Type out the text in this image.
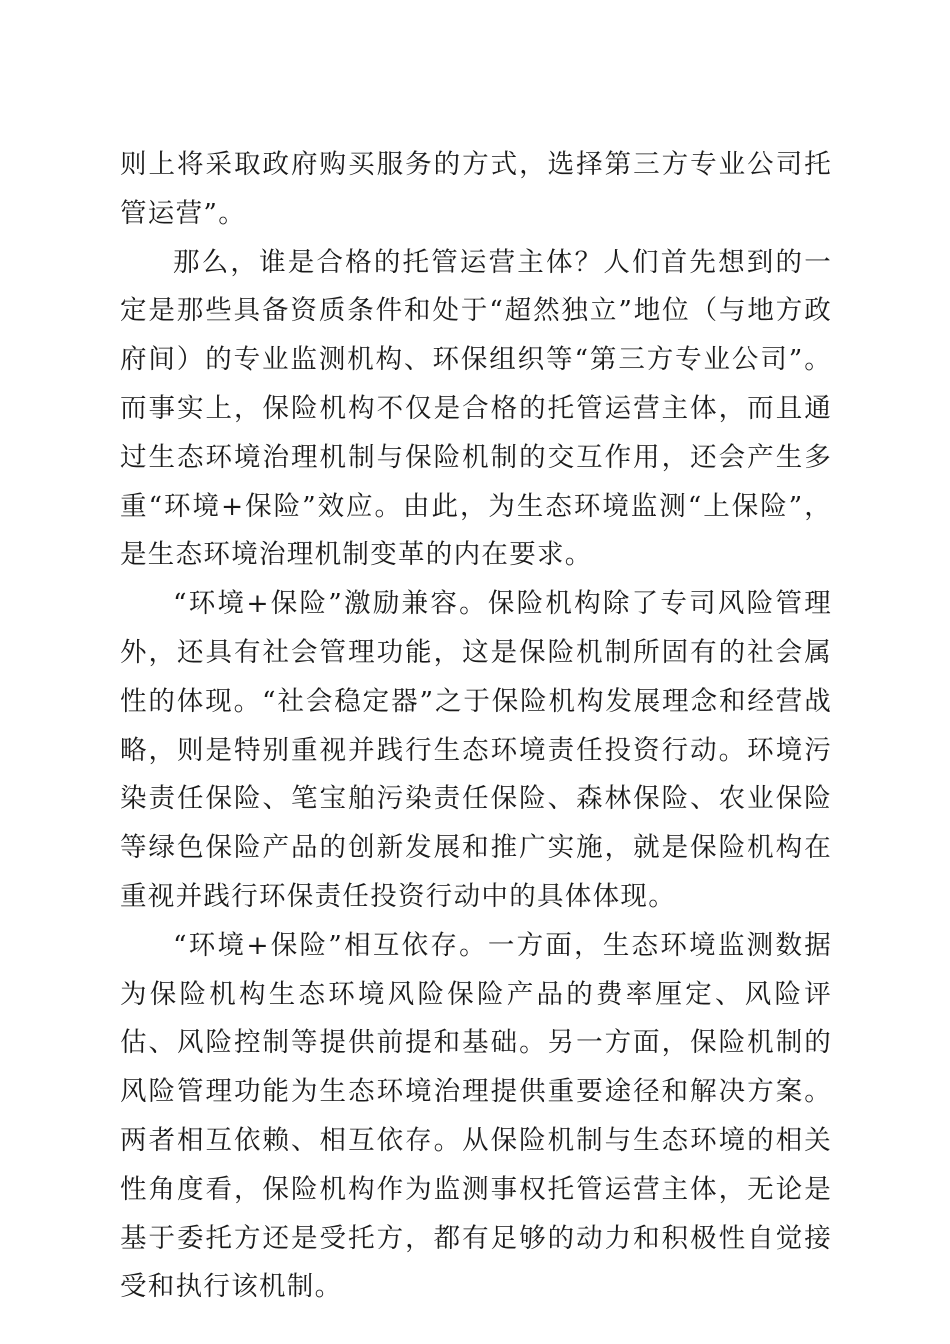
则上将采取政府购买服务的方式，选择第三方专业公司托管运营”。

那么，谁是合格的托管运营主体？人们首先想到的一定是那些具备资质条件和处于“超然独立”地位（与地方政府间）的专业监测机构、环保组织等“第三方专业公司”。而事实上，保险机构不仅是合格的托管运营主体，而且通过生态环境治理机制与保险机制的交互作用，还会产生多重“环境+保险”效应。由此，为生态环境监测“上保险”，是生态环境治理机制变革的内在要求。

“环境+保险”激励兼容。保险机构除了专司风险管理外，还具有社会管理功能，这是保险机制所固有的社会属性的体现。“社会稳定器”之于保险机构发展理念和经营战略，则是特别重视并践行生态环境责任投资行动。环境污染责任保险、笔宝舶污染责任保险、森林保险、农业保险等绿色保险产品的创新发展和推广实施，就是保险机构在重视并践行环保责任投资行动中的具体体现。

“环境+保险”相互依存。一方面，生态环境监测数据为保险机构生态环境风险保险产品的费率厘定、风险评估、风险控制等提供前提和基础。另一方面，保险机制的风险管理功能为生态环境治理提供重要途径和解决方案。两者相互依赖、相互依存。从保险机制与生态环境的相关性角度看，保险机构作为监测事权托管运营主体，无论是基于委托方还是受托方，都有足够的动力和积极性自觉接受和执行该机制。
